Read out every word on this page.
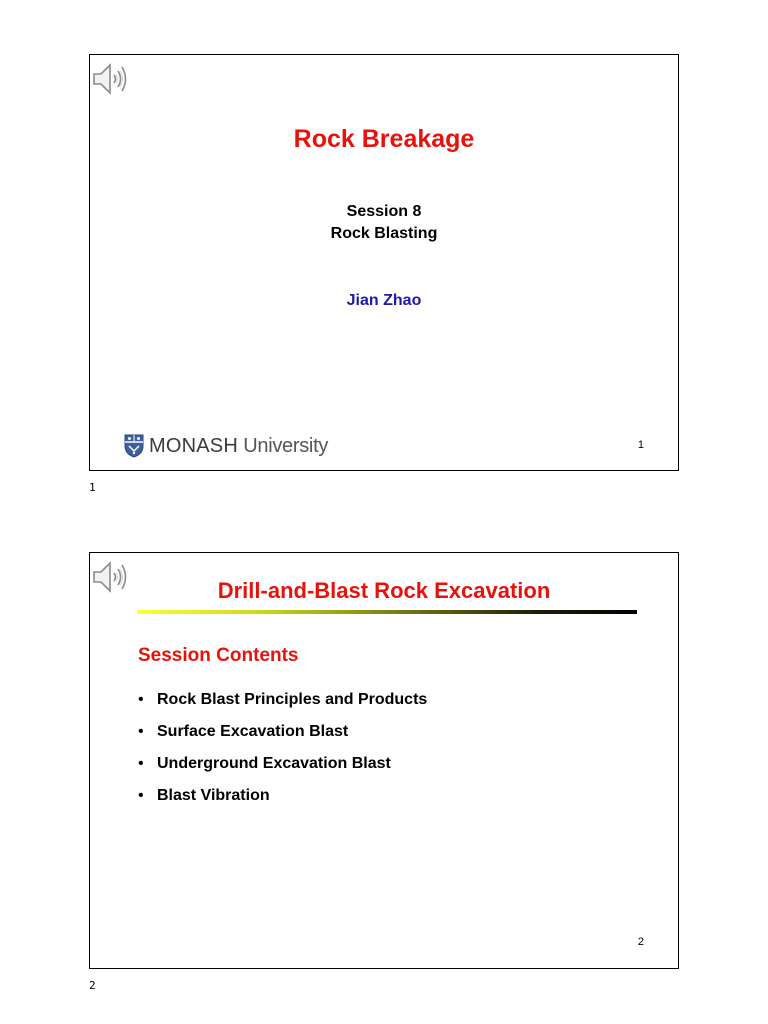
Rock Breakage
Session 8
Rock Blasting
Jian Zhao
MONASH University	1
1
Drill-and-Blast Rock Excavation
Session Contents
• Rock Blast Principles and Products
• Surface Excavation Blast
• Underground Excavation Blast
• Blast Vibration
2
2
